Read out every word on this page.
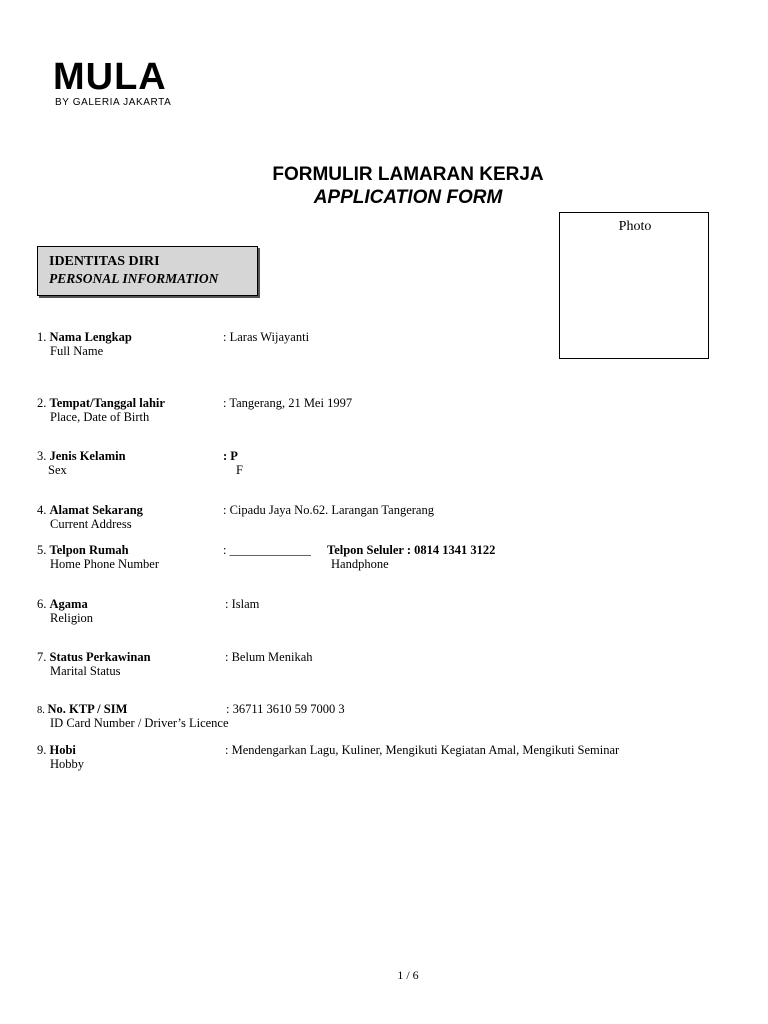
MULA
BY GALERIA JAKARTA
FORMULIR LAMARAN KERJA
APPLICATION FORM
Photo
IDENTITAS DIRI
PERSONAL INFORMATION
1. Nama Lengkap
Full Name
: Laras Wijayanti
2. Tempat/Tanggal lahir
Place, Date of Birth
: Tangerang, 21 Mei 1997
3. Jenis Kelamin
Sex
: P
F
4. Alamat Sekarang
Current Address
: Cipadu Jaya No.62. Larangan Tangerang
5. Telpon Rumah
Home Phone Number
: _____________ Telpon Seluler : 0814 1341 3122
Handphone
6. Agama
Religion
: Islam
7. Status Perkawinan
Marital Status
: Belum Menikah
8. No. KTP / SIM
ID Card Number / Driver’s Licence
: 36711 3610 59 7000 3
9. Hobi
Hobby
: Mendengarkan Lagu, Kuliner, Mengikuti Kegiatan Amal, Mengikuti Seminar
1 / 6
